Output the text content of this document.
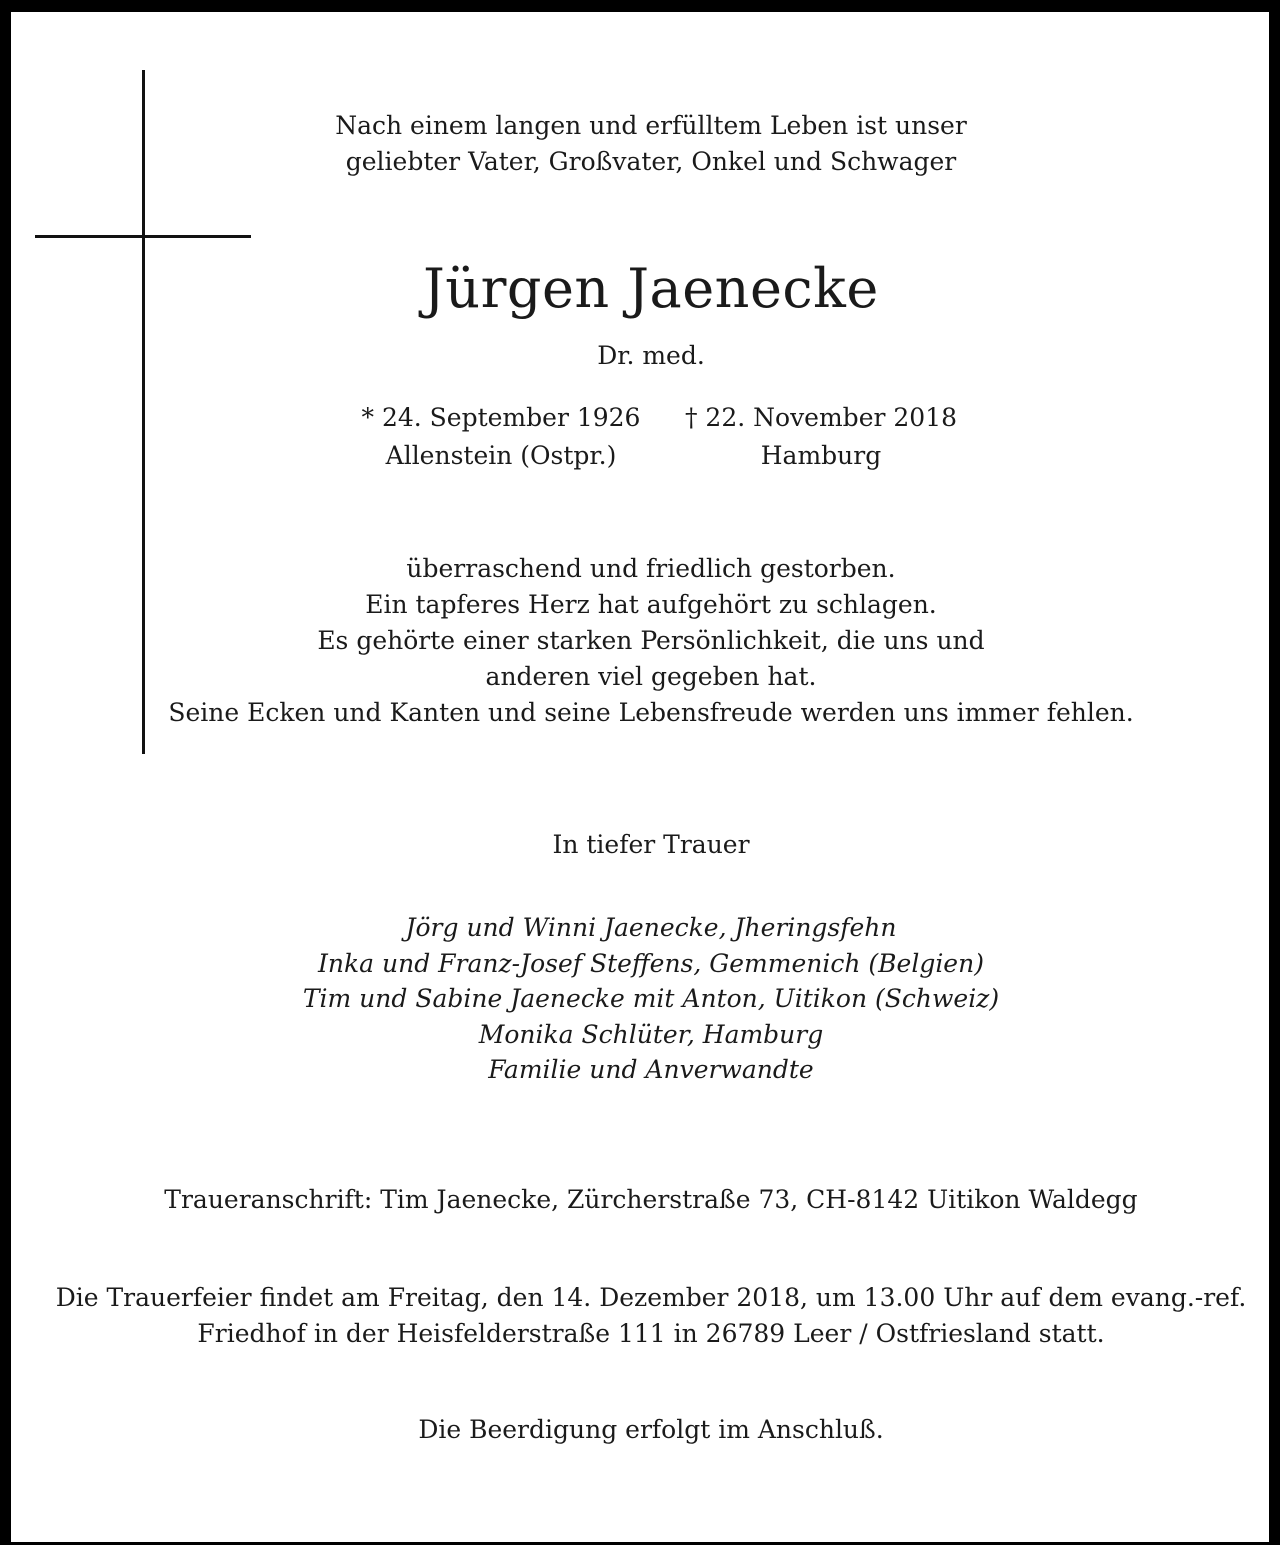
Nach einem langen und erfülltem Leben ist unser
geliebter Vater, Großvater, Onkel und Schwager
Jürgen Jaenecke
Dr. med.
* 24. September 1926
Allenstein (Ostpr.)
† 22. November 2018
Hamburg
überraschend und friedlich gestorben.
Ein tapferes Herz hat aufgehört zu schlagen.
Es gehörte einer starken Persönlichkeit, die uns und
anderen viel gegeben hat.
Seine Ecken und Kanten und seine Lebensfreude werden uns immer fehlen.
In tiefer Trauer
Jörg und Winni Jaenecke, Jheringsfehn
Inka und Franz-Josef Steffens, Gemmenich (Belgien)
Tim und Sabine Jaenecke mit Anton, Uitikon (Schweiz)
Monika Schlüter, Hamburg
Familie und Anverwandte
Traueranschrift: Tim Jaenecke, Zürcherstraße 73, CH-8142 Uitikon Waldegg
Die Trauerfeier findet am Freitag, den 14. Dezember 2018, um 13.00 Uhr auf dem evang.-ref.
Friedhof in der Heisfelderstraße 111 in 26789 Leer / Ostfriesland statt.
Die Beerdigung erfolgt im Anschluß.
